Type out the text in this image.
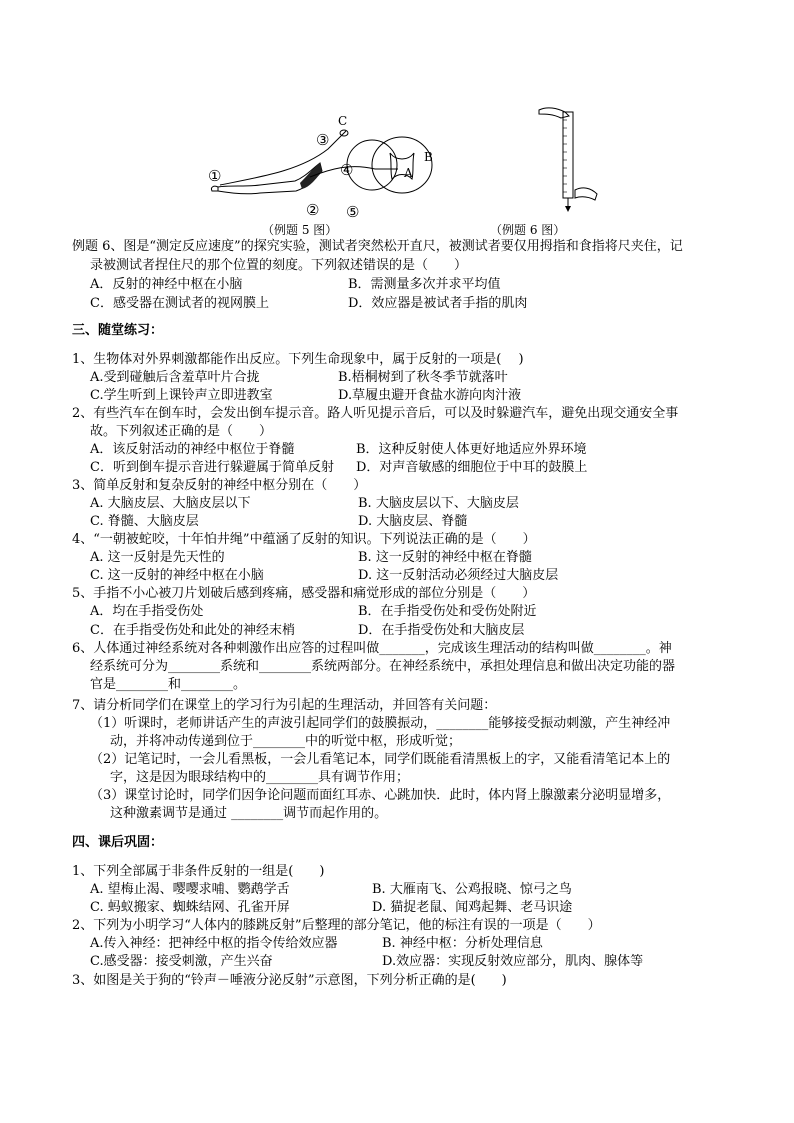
①
②
③
④
⑤
A
B
C
（例题 5 图）	（例题 6 图）
例题 6、图是“测定反应速度”的探究实验，测试者突然松开直尺，被测试者要仅用拇指和食指将尺夹住，记
录被测试者捏住尺的那个位置的刻度。下列叙述错误的是（　　）
A．反射的神经中枢在小脑	B．需测量多次并求平均值
C．感受器在测试者的视网膜上	D．效应器是被试者手指的肌肉
三、随堂练习：
1、生物体对外界刺激都能作出反应。下列生命现象中，属于反射的一项是(　 )
A.受到碰触后含羞草叶片合拢	B.梧桐树到了秋冬季节就落叶
C.学生听到上课铃声立即进教室	D.草履虫避开食盐水游向肉汁液
2、有些汽车在倒车时，会发出倒车提示音。路人听见提示音后，可以及时躲避汽车，避免出现交通安全事
故。下列叙述正确的是（　　）
A．该反射活动的神经中枢位于脊髓	B．这种反射使人体更好地适应外界环境
C．听到倒车提示音进行躲避属于简单反射 D．对声音敏感的细胞位于中耳的鼓膜上
3、简单反射和复杂反射的神经中枢分别在（　　）
A. 大脑皮层、大脑皮层以下	B. 大脑皮层以下、大脑皮层
C. 脊髓、大脑皮层	D. 大脑皮层、脊髓
4、“一朝被蛇咬，十年怕井绳”中蕴涵了反射的知识。下列说法正确的是（　　）
A. 这一反射是先天性的	B. 这一反射的神经中枢在脊髓
C. 这一反射的神经中枢在小脑	D. 这一反射活动必须经过大脑皮层
5、手指不小心被刀片划破后感到疼痛，感受器和痛觉形成的部位分别是（　　）
A．均在手指受伤处	B．在手指受伤处和受伤处附近
C．在手指受伤处和此处的神经末梢	D．在手指受伤处和大脑皮层
6、人体通过神经系统对各种刺激作出应答的过程叫做_______，完成该生理活动的结构叫做________。神
经系统可分为________系统和________系统两部分。在神经系统中，承担处理信息和做出决定功能的器
官是________和________。
7、请分析同学们在课堂上的学习行为引起的生理活动，并回答有关问题：
（1）听课时，老师讲话产生的声波引起同学们的鼓膜振动，________能够接受振动刺激，产生神经冲
动，并将冲动传递到位于________中的听觉中枢，形成听觉；
（2）记笔记时，一会儿看黑板，一会儿看笔记本，同学们既能看清黑板上的字，又能看清笔记本上的
字，这是因为眼球结构中的________具有调节作用；
（3）课堂讨论时，同学们因争论问题而面红耳赤、心跳加快．此时，体内肾上腺激素分泌明显增多，
这种激素调节是通过 ________调节而起作用的。
四、课后巩固：
1、下列全部属于非条件反射的一组是(　　)
A. 望梅止渴、嘤嘤求哺、鹦鹉学舌	B. 大雁南飞、公鸡报晓、惊弓之鸟
C. 蚂蚁搬家、蜘蛛结网、孔雀开屏	D. 猫捉老鼠、闻鸡起舞、老马识途
2、下列为小明学习“人体内的膝跳反射”后整理的部分笔记，他的标注有误的一项是（　　）
A.传入神经：把神经中枢的指令传给效应器	B. 神经中枢：分析处理信息
C.感受器：接受刺激，产生兴奋	D.效应器：实现反射效应部分，肌肉、腺体等
3、如图是关于狗的“铃声－唾液分泌反射”示意图，下列分析正确的是(　　)
